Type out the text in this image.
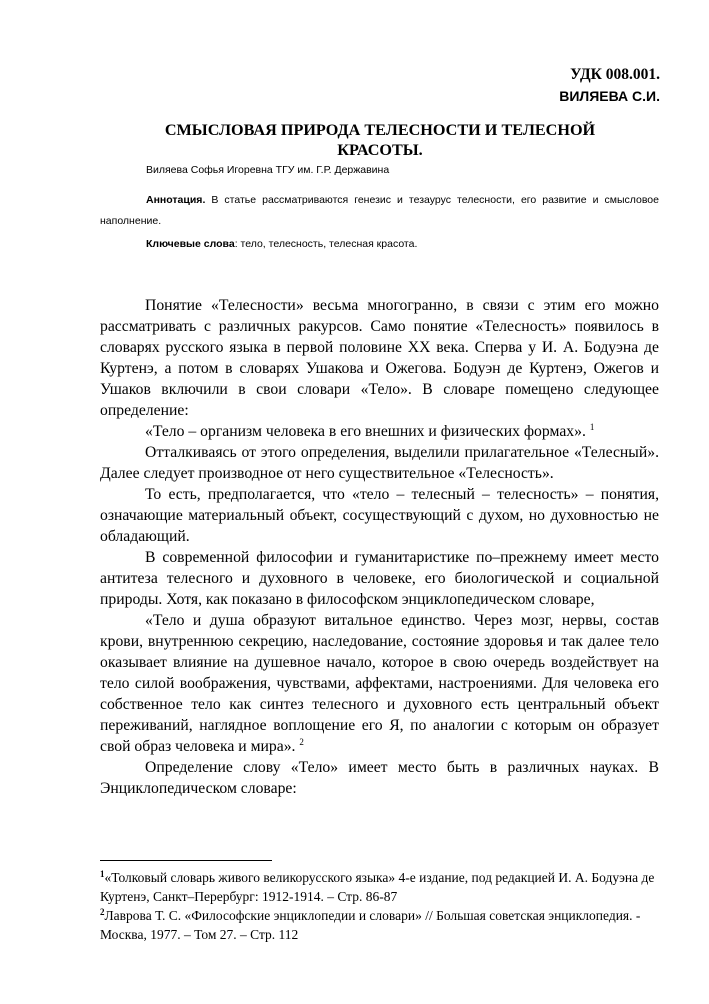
УДК 008.001.
ВИЛЯЕВА С.И.
СМЫСЛОВАЯ ПРИРОДА ТЕЛЕСНОСТИ И ТЕЛЕСНОЙ
КРАСОТЫ.
Виляева Софья Игоревна ТГУ им. Г.Р. Державина
Аннотация. В статье рассматриваются генезис и тезаурус телесности, его развитие и смысловое наполнение.
Ключевые слова: тело, телесность, телесная красота.

Понятие «Телесности» весьма многогранно, в связи с этим его можно рассматривать с различных ракурсов. Само понятие «Телесность» появилось в словарях русского языка в первой половине XX века. Сперва у И. А. Бодуэна де Куртенэ, а потом в словарях Ушакова и Ожегова. Бодуэн де Куртенэ, Ожегов и Ушаков включили в свои словари «Тело». В словаре помещено следующее определение:

«Тело – организм человека в его внешних и физических формах». $^1$

Отталкиваясь от этого определения, выделили прилагательное «Телесный». Далее следует производное от него существительное «Телесность».

То есть, предполагается, что «тело – телесный – телесность» – понятия, означающие материальный объект, сосуществующий с духом, но духовностью не обладающий.

В современной философии и гуманитаристике по–прежнему имеет место антитеза телесного и духовного в человеке, его биологической и социальной природы. Хотя, как показано в философском энциклопедическом словаре,

«Тело и душа образуют витальное единство. Через мозг, нервы, состав крови, внутреннюю секрецию, наследование, состояние здоровья и так далее тело оказывает влияние на душевное начало, которое в свою очередь воздействует на тело силой воображения, чувствами, аффектами, настроениями. Для человека его собственное тело как синтез телесного и духовного есть центральный объект переживаний, наглядное воплощение его Я, по аналогии с которым он образует свой образ человека и мира». $^2$

Определение слову «Тело» имеет место быть в различных науках. В Энциклопедическом словаре:

$^1$«Толковый словарь живого великорусского языка» 4-е издание, под редакцией И. А. Бодуэна де Куртенэ, Санкт–Перербург: 1912-1914. – Стр. 86-87

$^2$Лаврова Т. С. «Философские энциклопедии и словари» // Большая советская энциклопедия. - Москва, 1977. – Том 27. – Стр. 112
